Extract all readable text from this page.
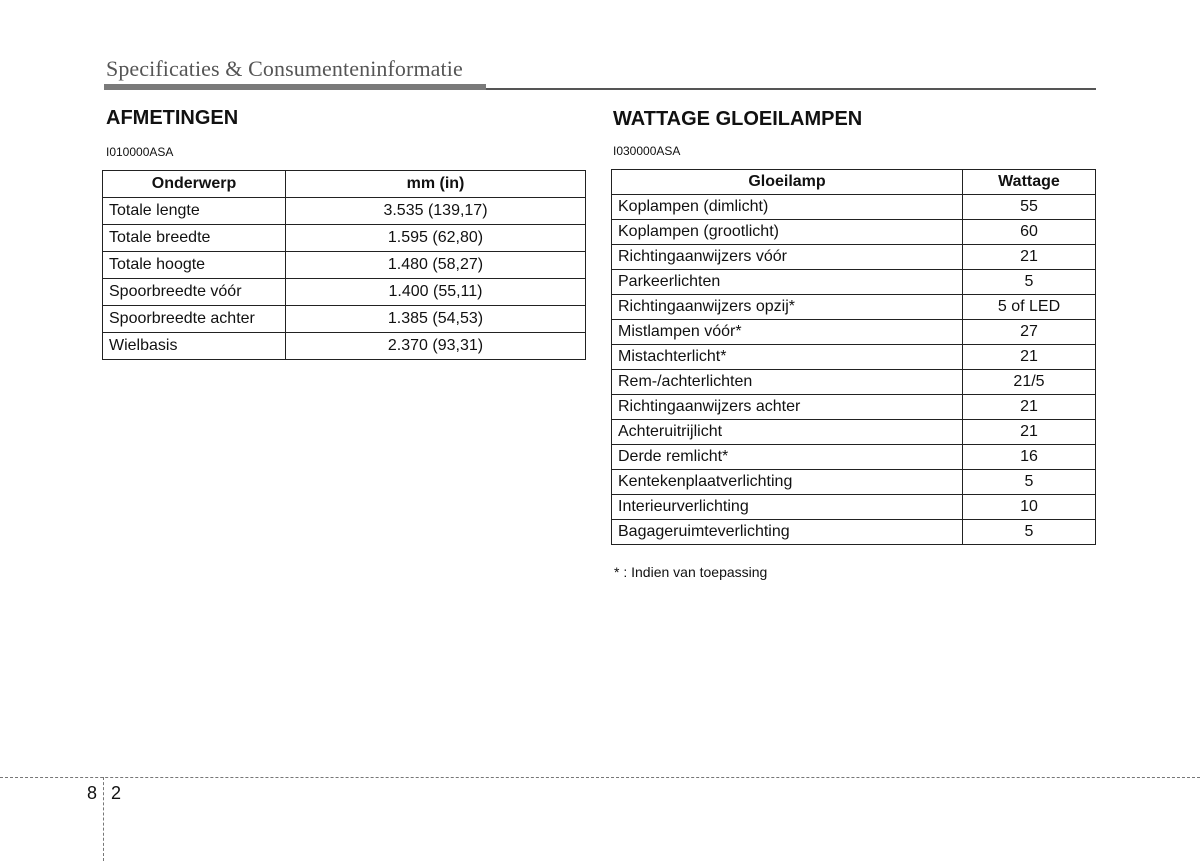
Specificaties & Consumenteninformatie
AFMETINGEN
I010000ASA
Onderwerp	mm (in)
Totale lengte	3.535 (139,17)
Totale breedte	1.595 (62,80)
Totale hoogte	1.480 (58,27)
Spoorbreedte vóór	1.400 (55,11)
Spoorbreedte achter	1.385 (54,53)
Wielbasis	2.370 (93,31)
WATTAGE GLOEILAMPEN
I030000ASA
Gloeilamp	Wattage
Koplampen (dimlicht)	55
Koplampen (grootlicht)	60
Richtingaanwijzers vóór	21
Parkeerlichten	5
Richtingaanwijzers opzij*	5 of LED
Mistlampen vóór*	27
Mistachterlicht*	21
Rem-/achterlichten	21/5
Richtingaanwijzers achter	21
Achteruitrijlicht	21
Derde remlicht*	16
Kentekenplaatverlichting	5
Interieurverlichting	10
Bagageruimteverlichting	5
* : Indien van toepassing
8 2
